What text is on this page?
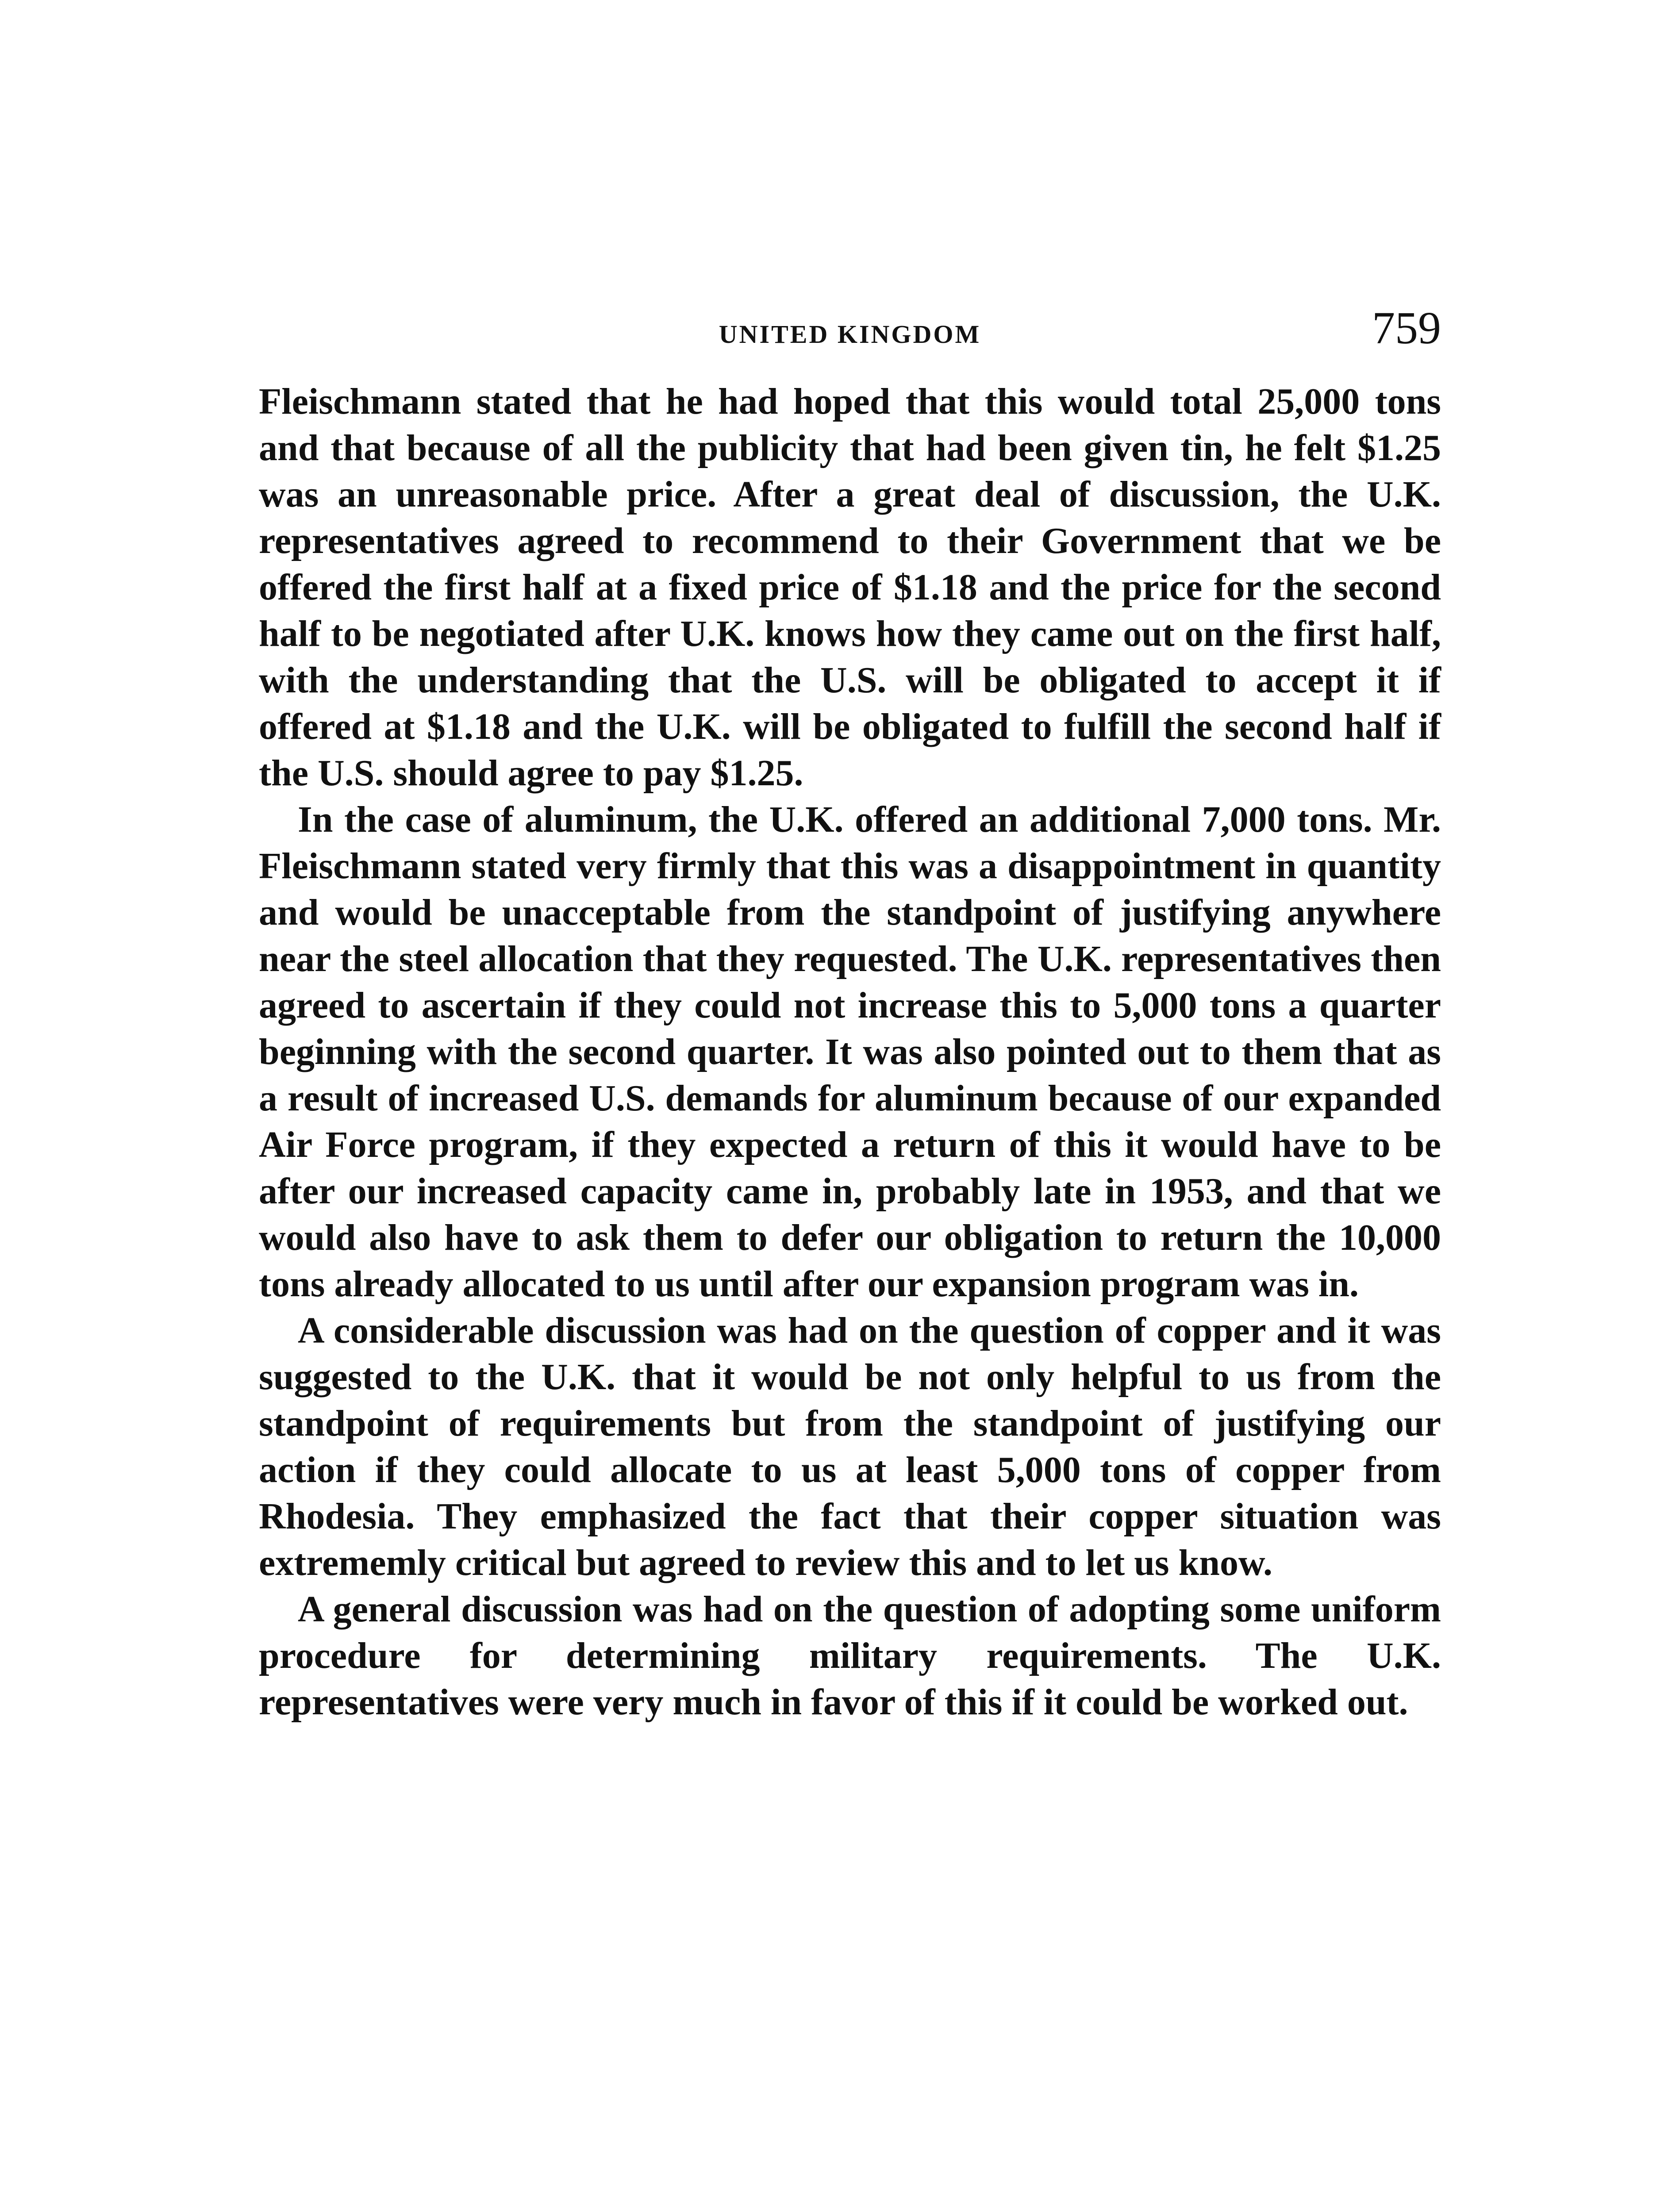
UNITED KINGDOM	759

Fleischmann stated that he had hoped that this would total 25,000 tons and that because of all the publicity that had been given tin, he felt $1.25 was an unreasonable price. After a great deal of discussion, the U.K. representatives agreed to recommend to their Government that we be offered the first half at a fixed price of $1.18 and the price for the second half to be negotiated after U.K. knows how they came out on the first half, with the understanding that the U.S. will be obligated to accept it if offered at $1.18 and the U.K. will be obligated to fulfill the second half if the U.S. should agree to pay $1.25.

In the case of aluminum, the U.K. offered an additional 7,000 tons. Mr. Fleischmann stated very firmly that this was a disappointment in quantity and would be unacceptable from the standpoint of justifying anywhere near the steel allocation that they requested. The U.K. representatives then agreed to ascertain if they could not increase this to 5,000 tons a quarter beginning with the second quarter. It was also pointed out to them that as a result of increased U.S. demands for aluminum because of our expanded Air Force program, if they expected a return of this it would have to be after our increased capacity came in, probably late in 1953, and that we would also have to ask them to defer our obligation to return the 10,000 tons already allocated to us until after our expansion program was in.

A considerable discussion was had on the question of copper and it was suggested to the U.K. that it would be not only helpful to us from the standpoint of requirements but from the standpoint of justifying our action if they could allocate to us at least 5,000 tons of copper from Rhodesia. They emphasized the fact that their copper situation was extrememly critical but agreed to review this and to let us know.

A general discussion was had on the question of adopting some uniform procedure for determining military requirements. The U.K. representatives were very much in favor of this if it could be worked out.
